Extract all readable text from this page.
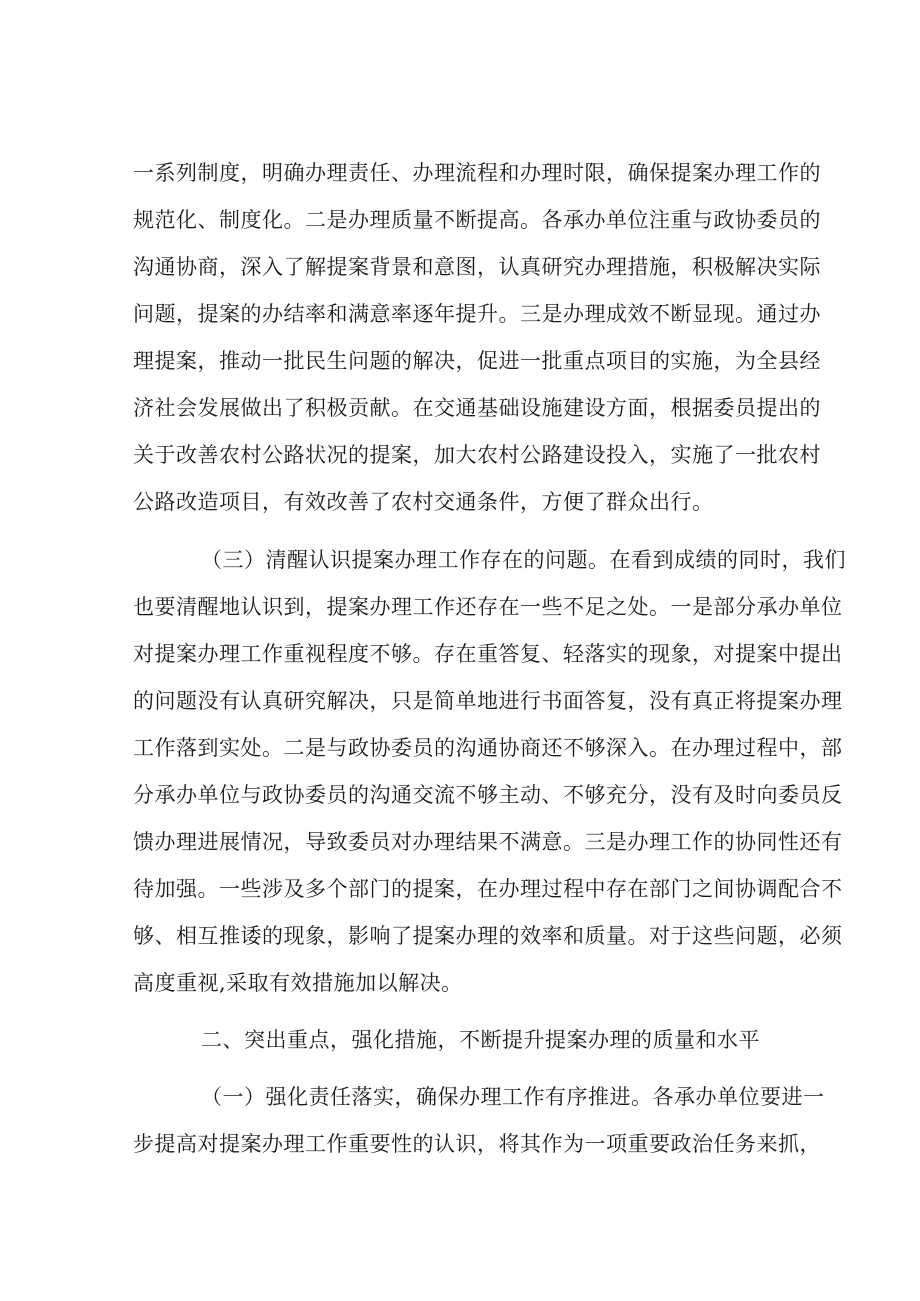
一系列制度，明确办理责任、办理流程和办理时限，确保提案办理工作的
规范化、制度化。二是办理质量不断提高。各承办单位注重与政协委员的
沟通协商，深入了解提案背景和意图，认真研究办理措施，积极解决实际
问题，提案的办结率和满意率逐年提升。三是办理成效不断显现。通过办
理提案，推动一批民生问题的解决，促进一批重点项目的实施，为全县经
济社会发展做出了积极贡献。在交通基础设施建设方面，根据委员提出的
关于改善农村公路状况的提案，加大农村公路建设投入，实施了一批农村
公路改造项目，有效改善了农村交通条件，方便了群众出行。
（三）清醒认识提案办理工作存在的问题。在看到成绩的同时，我们
也要清醒地认识到，提案办理工作还存在一些不足之处。一是部分承办单位
对提案办理工作重视程度不够。存在重答复、轻落实的现象，对提案中提出
的问题没有认真研究解决，只是简单地进行书面答复，没有真正将提案办理
工作落到实处。二是与政协委员的沟通协商还不够深入。在办理过程中，部
分承办单位与政协委员的沟通交流不够主动、不够充分，没有及时向委员反
馈办理进展情况，导致委员对办理结果不满意。三是办理工作的协同性还有
待加强。一些涉及多个部门的提案，在办理过程中存在部门之间协调配合不
够、相互推诿的现象，影响了提案办理的效率和质量。对于这些问题，必须
高度重视,采取有效措施加以解决。
二、突出重点，强化措施，不断提升提案办理的质量和水平
（一）强化责任落实，确保办理工作有序推进。各承办单位要进一
步提高对提案办理工作重要性的认识，将其作为一项重要政治任务来抓，
